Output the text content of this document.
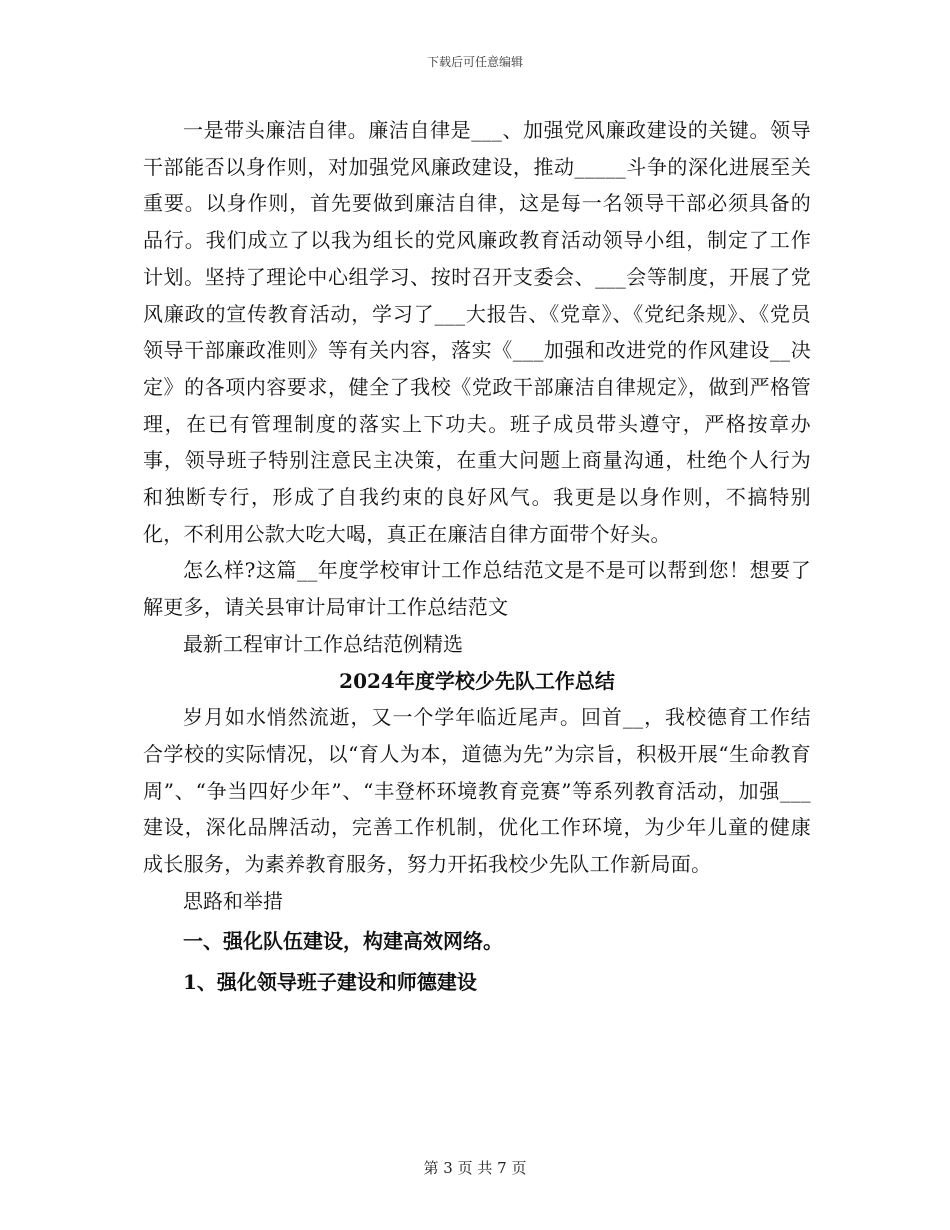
下载后可任意编辑

一是带头廉洁自律。廉洁自律是___、加强党风廉政建设的关键。领导干部能否以身作则，对加强党风廉政建设，推动_____斗争的深化进展至关重要。以身作则，首先要做到廉洁自律，这是每一名领导干部必须具备的品行。我们成立了以我为组长的党风廉政教育活动领导小组，制定了工作计划。坚持了理论中心组学习、按时召开支委会、___会等制度，开展了党风廉政的宣传教育活动，学习了___大报告、《党章》、《党纪条规》、《党员领导干部廉政准则》等有关内容，落实《___加强和改进党的作风建设__决定》的各项内容要求，健全了我校《党政干部廉洁自律规定》，做到严格管理，在已有管理制度的落实上下功夫。班子成员带头遵守，严格按章办事，领导班子特别注意民主决策，在重大问题上商量沟通，杜绝个人行为和独断专行，形成了自我约束的良好风气。我更是以身作则，不搞特别化，不利用公款大吃大喝，真正在廉洁自律方面带个好头。

怎么样?这篇__年度学校审计工作总结范文是不是可以帮到您！想要了解更多，请关县审计局审计工作总结范文

最新工程审计工作总结范例精选

2024年度学校少先队工作总结

岁月如水悄然流逝，又一个学年临近尾声。回首__，我校德育工作结合学校的实际情况，以“育人为本，道德为先”为宗旨，积极开展“生命教育周”、“争当四好少年”、“丰登杯环境教育竞赛”等系列教育活动，加强___建设，深化品牌活动，完善工作机制，优化工作环境，为少年儿童的健康成长服务，为素养教育服务，努力开拓我校少先队工作新局面。

思路和举措

一、强化队伍建设，构建高效网络。

1、强化领导班子建设和师德建设

第 3 页 共 7 页
